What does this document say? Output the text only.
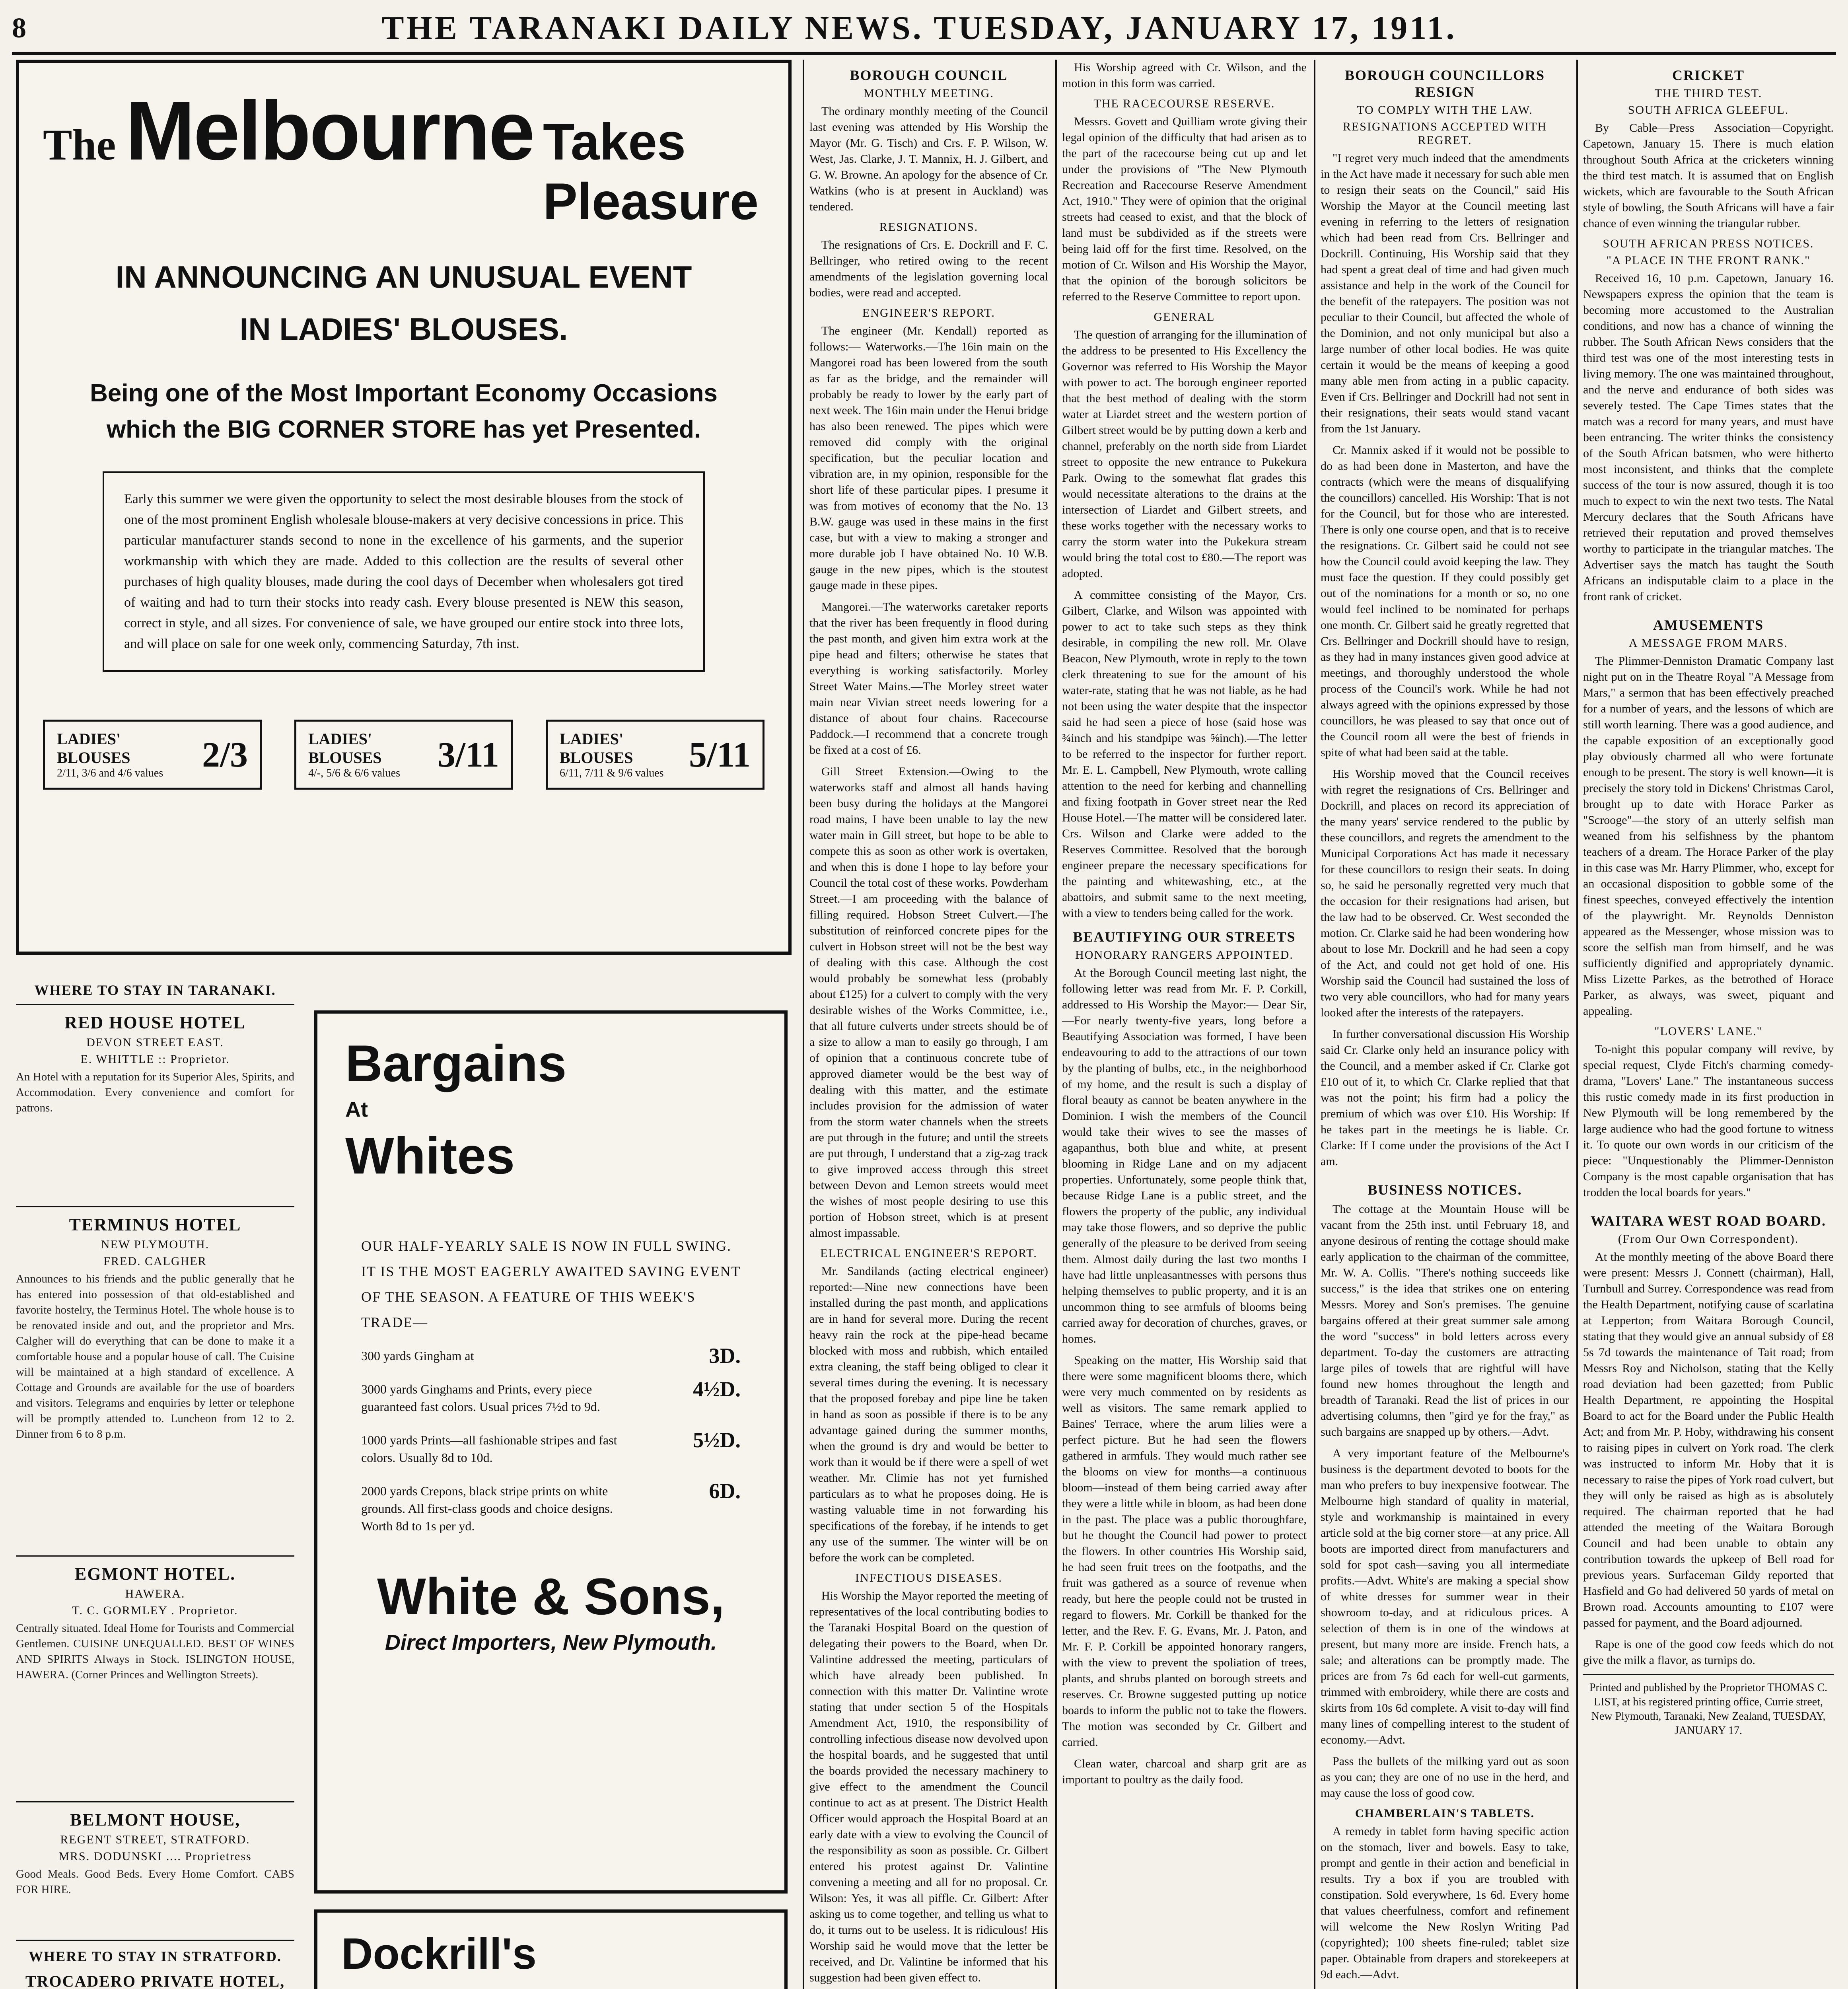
8	THE TARANAKI DAILY NEWS. TUESDAY, JANUARY 17, 1911.
The Melbourne Takes Pleasure
IN ANNOUNCING AN UNUSUAL EVENT
IN LADIES' BLOUSES.
Being one of the Most Important Economy Occasions
which the BIG CORNER STORE has yet Presented.
Early this summer we were given the opportunity to select the most desirable blouses from the stock of one of the most prominent English wholesale blouse-makers at very decisive concessions in price. This particular manufacturer stands second to none in the excellence of his garments, and the superior workmanship with which they are made. Added to this collection are the results of several other purchases of high quality blouses, made during the cool days of December when wholesalers got tired of waiting and had to turn their stocks into ready cash. Every blouse presented is NEW this season, correct in style, and all sizes. For convenience of sale, we have grouped our entire stock into three lots, and will place on sale for one week only, commencing Saturday, 7th inst.
LADIES' BLOUSES
2/11, 3/6 and 4/6 values	2/3	LADIES' BLOUSES
4/-, 5/6 & 6/6 values	3/11	LADIES' BLOUSES
6/11, 7/11 & 9/6 values 5/11
WHERE TO STAY IN TARANAKI.
RED HOUSE HOTEL
DEVON STREET EAST.
E. WHITTLE :: Proprietor.
An Hotel with a reputation for its Superior Ales, Spirits, and Accommodation. Every convenience and comfort for patrons.
TERMINUS HOTEL
NEW PLYMOUTH.
FRED. CALGHER
Announces to his friends and the public generally that he has entered into possession of that old-established and favorite hostelry, the Terminus Hotel. The whole house is to be renovated inside and out, and the proprietor and Mrs. Calgher will do everything that can be done to make it a comfortable house and a popular house of call. The Cuisine will be maintained at a high standard of excellence. A Cottage and Grounds are available for the use of boarders and visitors. Telegrams and enquiries by letter or telephone will be promptly attended to. Luncheon from 12 to 2. Dinner from 6 to 8 p.m.
EGMONT HOTEL.
HAWERA.
T. C. GORMLEY . Proprietor.
Centrally situated. Ideal Home for Tourists and Commercial Gentlemen. CUISINE UNEQUALLED. BEST OF WINES AND SPIRITS Always in Stock. ISLINGTON HOUSE, HAWERA. (Corner Princes and Wellington Streets).
BELMONT HOUSE,
REGENT STREET, STRATFORD.
MRS. DODUNSKI .... Proprietress
Good Meals. Good Beds. Every Home Comfort. CABS FOR HIRE.
WHERE TO STAY IN STRATFORD.
TROCADERO PRIVATE HOTEL,
Bargains
At
Whites
OUR HALF-YEARLY SALE IS NOW IN FULL SWING. IT IS THE MOST EAGERLY AWAITED SAVING EVENT OF THE SEASON. A FEATURE OF THIS WEEK'S TRADE—
300 yards Gingham at	3D.
3000 yards Ginghams and Prints, every piece guaranteed fast colors. Usual prices 7½d to 9d.
4½D.
1000 yards Prints—all fashionable stripes and fast colors. Usually 8d to 10d.
5½D.
2000 yards Crepons, black stripe prints on white grounds. All first-class goods and choice designs. Worth 8d to 1s per yd.
6D.
White & Sons,
Direct Importers, New Plymouth.
Dockrill's
BOROUGH COUNCIL
MONTHLY MEETING.

The ordinary monthly meeting of the Council last evening was attended by His Worship the Mayor (Mr. G. Tisch) and Crs. F. P. Wilson, W. West, Jas. Clarke, J. T. Mannix, H. J. Gilbert, and G. W. Browne. An apology for the absence of Cr. Watkins (who is at present in Auckland) was tendered.

RESIGNATIONS.

The resignations of Crs. E. Dockrill and F. C. Bellringer, who retired owing to the recent amendments of the legislation governing local bodies, were read and accepted.

ENGINEER'S REPORT.

The engineer (Mr. Kendall) reported as follows:— Waterworks.—The 16in main on the Mangorei road has been lowered from the south as far as the bridge, and the remainder will probably be ready to lower by the early part of next week. The 16in main under the Henui bridge has also been renewed. The pipes which were removed did comply with the original specification, but the peculiar location and vibration are, in my opinion, responsible for the short life of these particular pipes. I presume it was from motives of economy that the No. 13 B.W. gauge was used in these mains in the first case, but with a view to making a stronger and more durable job I have obtained No. 10 W.B. gauge in the new pipes, which is the stoutest gauge made in these pipes.

Mangorei.—The waterworks caretaker reports that the river has been frequently in flood during the past month, and given him extra work at the pipe head and filters; otherwise he states that everything is working satisfactorily. Morley Street Water Mains.—The Morley street water main near Vivian street needs lowering for a distance of about four chains. Racecourse Paddock.—I recommend that a concrete trough be fixed at a cost of £6.

Gill Street Extension.—Owing to the waterworks staff and almost all hands having been busy during the holidays at the Mangorei road mains, I have been unable to lay the new water main in Gill street, but hope to be able to compete this as soon as other work is overtaken, and when this is done I hope to lay before your Council the total cost of these works. Powderham Street.—I am proceeding with the balance of filling required. Hobson Street Culvert.—The substitution of reinforced concrete pipes for the culvert in Hobson street will not be the best way of dealing with this case. Although the cost would probably be somewhat less (probably about £125) for a culvert to comply with the very desirable wishes of the Works Committee, i.e., that all future culverts under streets should be of a size to allow a man to easily go through, I am of opinion that a continuous concrete tube of approved diameter would be the best way of dealing with this matter, and the estimate includes provision for the admission of water from the storm water channels when the streets are put through in the future; and until the streets are put through, I understand that a zig-zag track to give improved access through this street between Devon and Lemon streets would meet the wishes of most people desiring to use this portion of Hobson street, which is at present almost impassable.

ELECTRICAL ENGINEER'S REPORT.

Mr. Sandilands (acting electrical engineer) reported:—Nine new connections have been installed during the past month, and applications are in hand for several more. During the recent heavy rain the rock at the pipe-head became blocked with moss and rubbish, which entailed extra cleaning, the staff being obliged to clear it several times during the evening. It is necessary that the proposed forebay and pipe line be taken in hand as soon as possible if there is to be any advantage gained during the summer months, when the ground is dry and would be better to work than it would be if there were a spell of wet weather. Mr. Climie has not yet furnished particulars as to what he proposes doing. He is wasting valuable time in not forwarding his specifications of the forebay, if he intends to get any use of the summer. The winter will be on before the work can be completed.

INFECTIOUS DISEASES.

His Worship the Mayor reported the meeting of representatives of the local contributing bodies to the Taranaki Hospital Board on the question of delegating their powers to the Board, when Dr. Valintine addressed the meeting, particulars of which have already been published. In connection with this matter Dr. Valintine wrote stating that under section 5 of the Hospitals Amendment Act, 1910, the responsibility of controlling infectious disease now devolved upon the hospital boards, and he suggested that until the boards provided the necessary machinery to give effect to the amendment the Council continue to act as at present. The District Health Officer would approach the Hospital Board at an early date with a view to evolving the Council of the responsibility as soon as possible. Cr. Gilbert entered his protest against Dr. Valintine convening a meeting and all for no proposal. Cr. Wilson: Yes, it was all piffle. Cr. Gilbert: After asking us to come together, and telling us what to do, it turns out to be useless. It is ridiculous! His Worship said he would move that the letter be received, and Dr. Valintine be informed that his suggestion had been given effect to.

His Worship agreed with Cr. Wilson, and the motion in this form was carried.

THE RACECOURSE RESERVE.

Messrs. Govett and Quilliam wrote giving their legal opinion of the difficulty that had arisen as to the part of the racecourse being cut up and let under the provisions of "The New Plymouth Recreation and Racecourse Reserve Amendment Act, 1910." They were of opinion that the original streets had ceased to exist, and that the block of land must be subdivided as if the streets were being laid off for the first time. Resolved, on the motion of Cr. Wilson and His Worship the Mayor, that the opinion of the borough solicitors be referred to the Reserve Committee to report upon.

GENERAL

The question of arranging for the illumination of the address to be presented to His Excellency the Governor was referred to His Worship the Mayor with power to act. The borough engineer reported that the best method of dealing with the storm water at Liardet street and the western portion of Gilbert street would be by putting down a kerb and channel, preferably on the north side from Liardet street to opposite the new entrance to Pukekura Park. Owing to the somewhat flat grades this would necessitate alterations to the drains at the intersection of Liardet and Gilbert streets, and these works together with the necessary works to carry the storm water into the Pukekura stream would bring the total cost to £80.—The report was adopted.

A committee consisting of the Mayor, Crs. Gilbert, Clarke, and Wilson was appointed with power to act to take such steps as they think desirable, in compiling the new roll. Mr. Olave Beacon, New Plymouth, wrote in reply to the town clerk threatening to sue for the amount of his water-rate, stating that he was not liable, as he had not been using the water despite that the inspector said he had seen a piece of hose (said hose was ¾inch and his standpipe was ⅝inch).—The letter to be referred to the inspector for further report. Mr. E. L. Campbell, New Plymouth, wrote calling attention to the need for kerbing and channelling and fixing footpath in Gover street near the Red House Hotel.—The matter will be considered later. Crs. Wilson and Clarke were added to the Reserves Committee. Resolved that the borough engineer prepare the necessary specifications for the painting and whitewashing, etc., at the abattoirs, and submit same to the next meeting, with a view to tenders being called for the work.

BEAUTIFYING OUR STREETS
HONORARY RANGERS APPOINTED.

At the Borough Council meeting last night, the following letter was read from Mr. F. P. Corkill, addressed to His Worship the Mayor:— Dear Sir,—For nearly twenty-five years, long before a Beautifying Association was formed, I have been endeavouring to add to the attractions of our town by the planting of bulbs, etc., in the neighborhood of my home, and the result is such a display of floral beauty as cannot be beaten anywhere in the Dominion. I wish the members of the Council would take their wives to see the masses of agapanthus, both blue and white, at present blooming in Ridge Lane and on my adjacent properties. Unfortunately, some people think that, because Ridge Lane is a public street, and the flowers the property of the public, any individual may take those flowers, and so deprive the public generally of the pleasure to be derived from seeing them. Almost daily during the last two months I have had little unpleasantnesses with persons thus helping themselves to public property, and it is an uncommon thing to see armfuls of blooms being carried away for decoration of churches, graves, or homes.

Speaking on the matter, His Worship said that there were some magnificent blooms there, which were very much commented on by residents as well as visitors. The same remark applied to Baines' Terrace, where the arum lilies were a perfect picture. But he had seen the flowers gathered in armfuls. They would much rather see the blooms on view for months—a continuous bloom—instead of them being carried away after they were a little while in bloom, as had been done in the past. The place was a public thoroughfare, but he thought the Council had power to protect the flowers. In other countries His Worship said, he had seen fruit trees on the footpaths, and the fruit was gathered as a source of revenue when ready, but here the people could not be trusted in regard to flowers. Mr. Corkill be thanked for the letter, and the Rev. F. G. Evans, Mr. J. Paton, and Mr. F. P. Corkill be appointed honorary rangers, with the view to prevent the spoliation of trees, plants, and shrubs planted on borough streets and reserves. Cr. Browne suggested putting up notice boards to inform the public not to take the flowers. The motion was seconded by Cr. Gilbert and carried.

Clean water, charcoal and sharp grit are as important to poultry as the daily food.

BOROUGH COUNCILLORS RESIGN
TO COMPLY WITH THE LAW.
RESIGNATIONS ACCEPTED WITH REGRET.

"I regret very much indeed that the amendments in the Act have made it necessary for such able men to resign their seats on the Council," said His Worship the Mayor at the Council meeting last evening in referring to the letters of resignation which had been read from Crs. Bellringer and Dockrill. Continuing, His Worship said that they had spent a great deal of time and had given much assistance and help in the work of the Council for the benefit of the ratepayers. The position was not peculiar to their Council, but affected the whole of the Dominion, and not only municipal but also a large number of other local bodies. He was quite certain it would be the means of keeping a good many able men from acting in a public capacity. Even if Crs. Bellringer and Dockrill had not sent in their resignations, their seats would stand vacant from the 1st January.

Cr. Mannix asked if it would not be possible to do as had been done in Masterton, and have the contracts (which were the means of disqualifying the councillors) cancelled. His Worship: That is not for the Council, but for those who are interested. There is only one course open, and that is to receive the resignations. Cr. Gilbert said he could not see how the Council could avoid keeping the law. They must face the question. If they could possibly get out of the nominations for a month or so, no one would feel inclined to be nominated for perhaps one month. Cr. Gilbert said he greatly regretted that Crs. Bellringer and Dockrill should have to resign, as they had in many instances given good advice at meetings, and thoroughly understood the whole process of the Council's work. While he had not always agreed with the opinions expressed by those councillors, he was pleased to say that once out of the Council room all were the best of friends in spite of what had been said at the table.

His Worship moved that the Council receives with regret the resignations of Crs. Bellringer and Dockrill, and places on record its appreciation of the many years' service rendered to the public by these councillors, and regrets the amendment to the Municipal Corporations Act has made it necessary for these councillors to resign their seats. In doing so, he said he personally regretted very much that the occasion for their resignations had arisen, but the law had to be observed. Cr. West seconded the motion. Cr. Clarke said he had been wondering how about to lose Mr. Dockrill and he had seen a copy of the Act, and could not get hold of one. His Worship said the Council had sustained the loss of two very able councillors, who had for many years looked after the interests of the ratepayers.

In further conversational discussion His Worship said Cr. Clarke only held an insurance policy with the Council, and a member asked if Cr. Clarke got £10 out of it, to which Cr. Clarke replied that that was not the point; his firm had a policy the premium of which was over £10. His Worship: If he takes part in the meetings he is liable. Cr. Clarke: If I come under the provisions of the Act I am.

BUSINESS NOTICES.

The cottage at the Mountain House will be vacant from the 25th inst. until February 18, and anyone desirous of renting the cottage should make early application to the chairman of the committee, Mr. W. A. Collis. "There's nothing succeeds like success," is the idea that strikes one on entering Messrs. Morey and Son's premises. The genuine bargains offered at their great summer sale among the word "success" in bold letters across every department. To-day the customers are attracting large piles of towels that are rightful will have found new homes throughout the length and breadth of Taranaki. Read the list of prices in our advertising columns, then "gird ye for the fray," as such bargains are snapped up by others.—Advt.

A very important feature of the Melbourne's business is the department devoted to boots for the man who prefers to buy inexpensive footwear. The Melbourne high standard of quality in material, style and workmanship is maintained in every article sold at the big corner store—at any price. All boots are imported direct from manufacturers and sold for spot cash—saving you all intermediate profits.—Advt. White's are making a special show of white dresses for summer wear in their showroom to-day, and at ridiculous prices. A selection of them is in one of the windows at present, but many more are inside. French hats, a sale; and alterations can be promptly made. The prices are from 7s 6d each for well-cut garments, trimmed with embroidery, while there are costs and skirts from 10s 6d complete. A visit to-day will find many lines of compelling interest to the student of economy.—Advt.

Pass the bullets of the milking yard out as soon as you can; they are one of no use in the herd, and may cause the loss of good cow.

CHAMBERLAIN'S TABLETS.

A remedy in tablet form having specific action on the stomach, liver and bowels. Easy to take, prompt and gentle in their action and beneficial in results. Try a box if you are troubled with constipation. Sold everywhere, 1s 6d. Every home that values cheerfulness, comfort and refinement will welcome the New Roslyn Writing Pad (copyrighted); 100 sheets fine-ruled; tablet size paper. Obtainable from drapers and storekeepers at 9d each.—Advt.

CRICKET
THE THIRD TEST.
SOUTH AFRICA GLEEFUL.

By Cable—Press Association—Copyright. Capetown, January 15. There is much elation throughout South Africa at the cricketers winning the third test match. It is assumed that on English wickets, which are favourable to the South African style of bowling, the South Africans will have a fair chance of even winning the triangular rubber.

SOUTH AFRICAN PRESS NOTICES.
"A PLACE IN THE FRONT RANK."

Received 16, 10 p.m. Capetown, January 16. Newspapers express the opinion that the team is becoming more accustomed to the Australian conditions, and now has a chance of winning the rubber. The South African News considers that the third test was one of the most interesting tests in living memory. The one was maintained throughout, and the nerve and endurance of both sides was severely tested. The Cape Times states that the match was a record for many years, and must have been entrancing. The writer thinks the consistency of the South African batsmen, who were hitherto most inconsistent, and thinks that the complete success of the tour is now assured, though it is too much to expect to win the next two tests. The Natal Mercury declares that the South Africans have retrieved their reputation and proved themselves worthy to participate in the triangular matches. The Advertiser says the match has taught the South Africans an indisputable claim to a place in the front rank of cricket.

AMUSEMENTS
A MESSAGE FROM MARS.

The Plimmer-Denniston Dramatic Company last night put on in the Theatre Royal "A Message from Mars," a sermon that has been effectively preached for a number of years, and the lessons of which are still worth learning. There was a good audience, and the capable exposition of an exceptionally good play obviously charmed all who were fortunate enough to be present. The story is well known—it is precisely the story told in Dickens' Christmas Carol, brought up to date with Horace Parker as "Scrooge"—the story of an utterly selfish man weaned from his selfishness by the phantom teachers of a dream. The Horace Parker of the play in this case was Mr. Harry Plimmer, who, except for an occasional disposition to gobble some of the finest speeches, conveyed effectively the intention of the playwright. Mr. Reynolds Denniston appeared as the Messenger, whose mission was to score the selfish man from himself, and he was sufficiently dignified and appropriately dynamic. Miss Lizette Parkes, as the betrothed of Horace Parker, as always, was sweet, piquant and appealing.

"LOVERS' LANE."

To-night this popular company will revive, by special request, Clyde Fitch's charming comedy-drama, "Lovers' Lane." The instantaneous success this rustic comedy made in its first production in New Plymouth will be long remembered by the large audience who had the good fortune to witness it. To quote our own words in our criticism of the piece: "Unquestionably the Plimmer-Denniston Company is the most capable organisation that has trodden the local boards for years."

WAITARA WEST ROAD BOARD.
(From Our Own Correspondent).

At the monthly meeting of the above Board there were present: Messrs J. Connett (chairman), Hall, Turnbull and Surrey. Correspondence was read from the Health Department, notifying cause of scarlatina at Lepperton; from Waitara Borough Council, stating that they would give an annual subsidy of £8 5s 7d towards the maintenance of Tait road; from Messrs Roy and Nicholson, stating that the Kelly road deviation had been gazetted; from Public Health Department, re appointing the Hospital Board to act for the Board under the Public Health Act; and from Mr. P. Hoby, withdrawing his consent to raising pipes in culvert on York road. The clerk was instructed to inform Mr. Hoby that it is necessary to raise the pipes of York road culvert, but they will only be raised as high as is absolutely required. The chairman reported that he had attended the meeting of the Waitara Borough Council and had been unable to obtain any contribution towards the upkeep of Bell road for previous years. Surfaceman Gildy reported that Hasfield and Go had delivered 50 yards of metal on Brown road. Accounts amounting to £107 were passed for payment, and the Board adjourned.

Rape is one of the good cow feeds which do not give the milk a flavor, as turnips do.

Printed and published by the Proprietor THOMAS C. LIST, at his registered printing office, Currie street, New Plymouth, Taranaki, New Zealand, TUESDAY, JANUARY 17.
